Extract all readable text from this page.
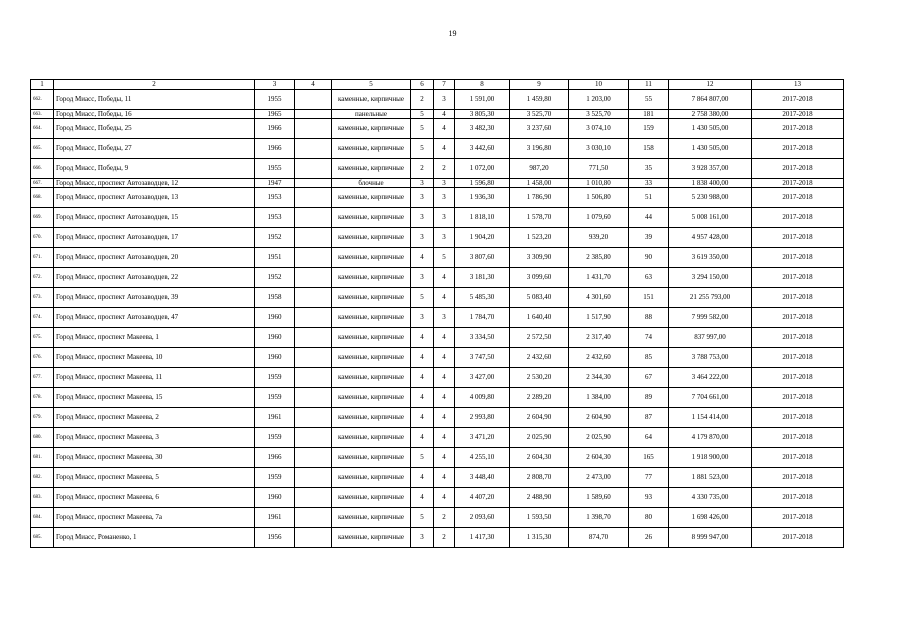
19
1	2	3	4	5	6	7	8	9	10	11	12	13
662.	Город Миасс, Победы, 11	1955		каменные, кирпичные	2	3	1 591,00	1 459,80	1 203,00	55	7 864 807,00	2017-2018
663.	Город Миасс, Победы, 16	1965		панельные	5	4	3 805,30	3 525,70	3 525,70	181	2 758 380,00	2017-2018
664.	Город Миасс, Победы, 25	1966		каменные, кирпичные	5	4	3 482,30	3 237,60	3 074,10	159	1 430 505,00	2017-2018
665.	Город Миасс, Победы, 27	1966		каменные, кирпичные	5	4	3 442,60	3 196,80	3 030,10	158	1 430 505,00	2017-2018
666.	Город Миасс, Победы, 9	1955		каменные, кирпичные	2	2	1 072,00	987,20	771,50	35	3 928 357,00	2017-2018
667.	Город Миасс, проспект Автозаводцев, 12	1947		блочные	3	3	1 596,80	1 458,00	1 010,80	33	1 838 400,00	2017-2018
668.	Город Миасс, проспект Автозаводцев, 13	1953		каменные, кирпичные	3	3	1 936,30	1 786,90	1 506,80	51	5 230 988,00	2017-2018
669.	Город Миасс, проспект Автозаводцев, 15	1953		каменные, кирпичные	3	3	1 818,10	1 578,70	1 079,60	44	5 008 161,00	2017-2018
670.	Город Миасс, проспект Автозаводцев, 17	1952		каменные, кирпичные	3	3	1 904,20	1 523,20	939,20	39	4 957 428,00	2017-2018
671.	Город Миасс, проспект Автозаводцев, 20	1951		каменные, кирпичные	4	5	3 807,60	3 309,90	2 385,80	90	3 619 350,00	2017-2018
672.	Город Миасс, проспект Автозаводцев, 22	1952		каменные, кирпичные	3	4	3 181,30	3 099,60	1 431,70	63	3 294 150,00	2017-2018
673.	Город Миасс, проспект Автозаводцев, 39	1958		каменные, кирпичные	5	4	5 485,30	5 083,40	4 301,60	151	21 255 793,00	2017-2018
674.	Город Миасс, проспект Автозаводцев, 47	1960		каменные, кирпичные	3	3	1 784,70	1 640,40	1 517,90	88	7 999 582,00	2017-2018
675.	Город Миасс, проспект Макеева, 1	1960		каменные, кирпичные	4	4	3 334,50	2 572,50	2 317,40	74	837 997,00	2017-2018
676.	Город Миасс, проспект Макеева, 10	1960		каменные, кирпичные	4	4	3 747,50	2 432,60	2 432,60	85	3 788 753,00	2017-2018
677.	Город Миасс, проспект Макеева, 11	1959		каменные, кирпичные	4	4	3 427,00	2 530,20	2 344,30	67	3 464 222,00	2017-2018
678.	Город Миасс, проспект Макеева, 15	1959		каменные, кирпичные	4	4	4 009,80	2 289,20	1 384,00	89	7 704 661,00	2017-2018
679.	Город Миасс, проспект Макеева, 2	1961		каменные, кирпичные	4	4	2 993,80	2 604,90	2 604,90	87	1 154 414,00	2017-2018
680.	Город Миасс, проспект Макеева, 3	1959		каменные, кирпичные	4	4	3 471,20	2 025,90	2 025,90	64	4 179 870,00	2017-2018
681.	Город Миасс, проспект Макеева, 30	1966		каменные, кирпичные	5	4	4 255,10	2 604,30	2 604,30	165	1 918 900,00	2017-2018
682.	Город Миасс, проспект Макеева, 5	1959		каменные, кирпичные	4	4	3 448,40	2 808,70	2 473,00	77	1 881 523,00	2017-2018
683.	Город Миасс, проспект Макеева, 6	1960		каменные, кирпичные	4	4	4 407,20	2 488,90	1 589,60	93	4 330 735,00	2017-2018
684.	Город Миасс, проспект Макеева, 7а	1961		каменные, кирпичные	5	2	2 093,60	1 593,50	1 398,70	80	1 698 426,00	2017-2018
685.	Город Миасс, Романенко, 1	1956		каменные, кирпичные	3	2	1 417,30	1 315,30	874,70	26	8 999 947,00	2017-2018
